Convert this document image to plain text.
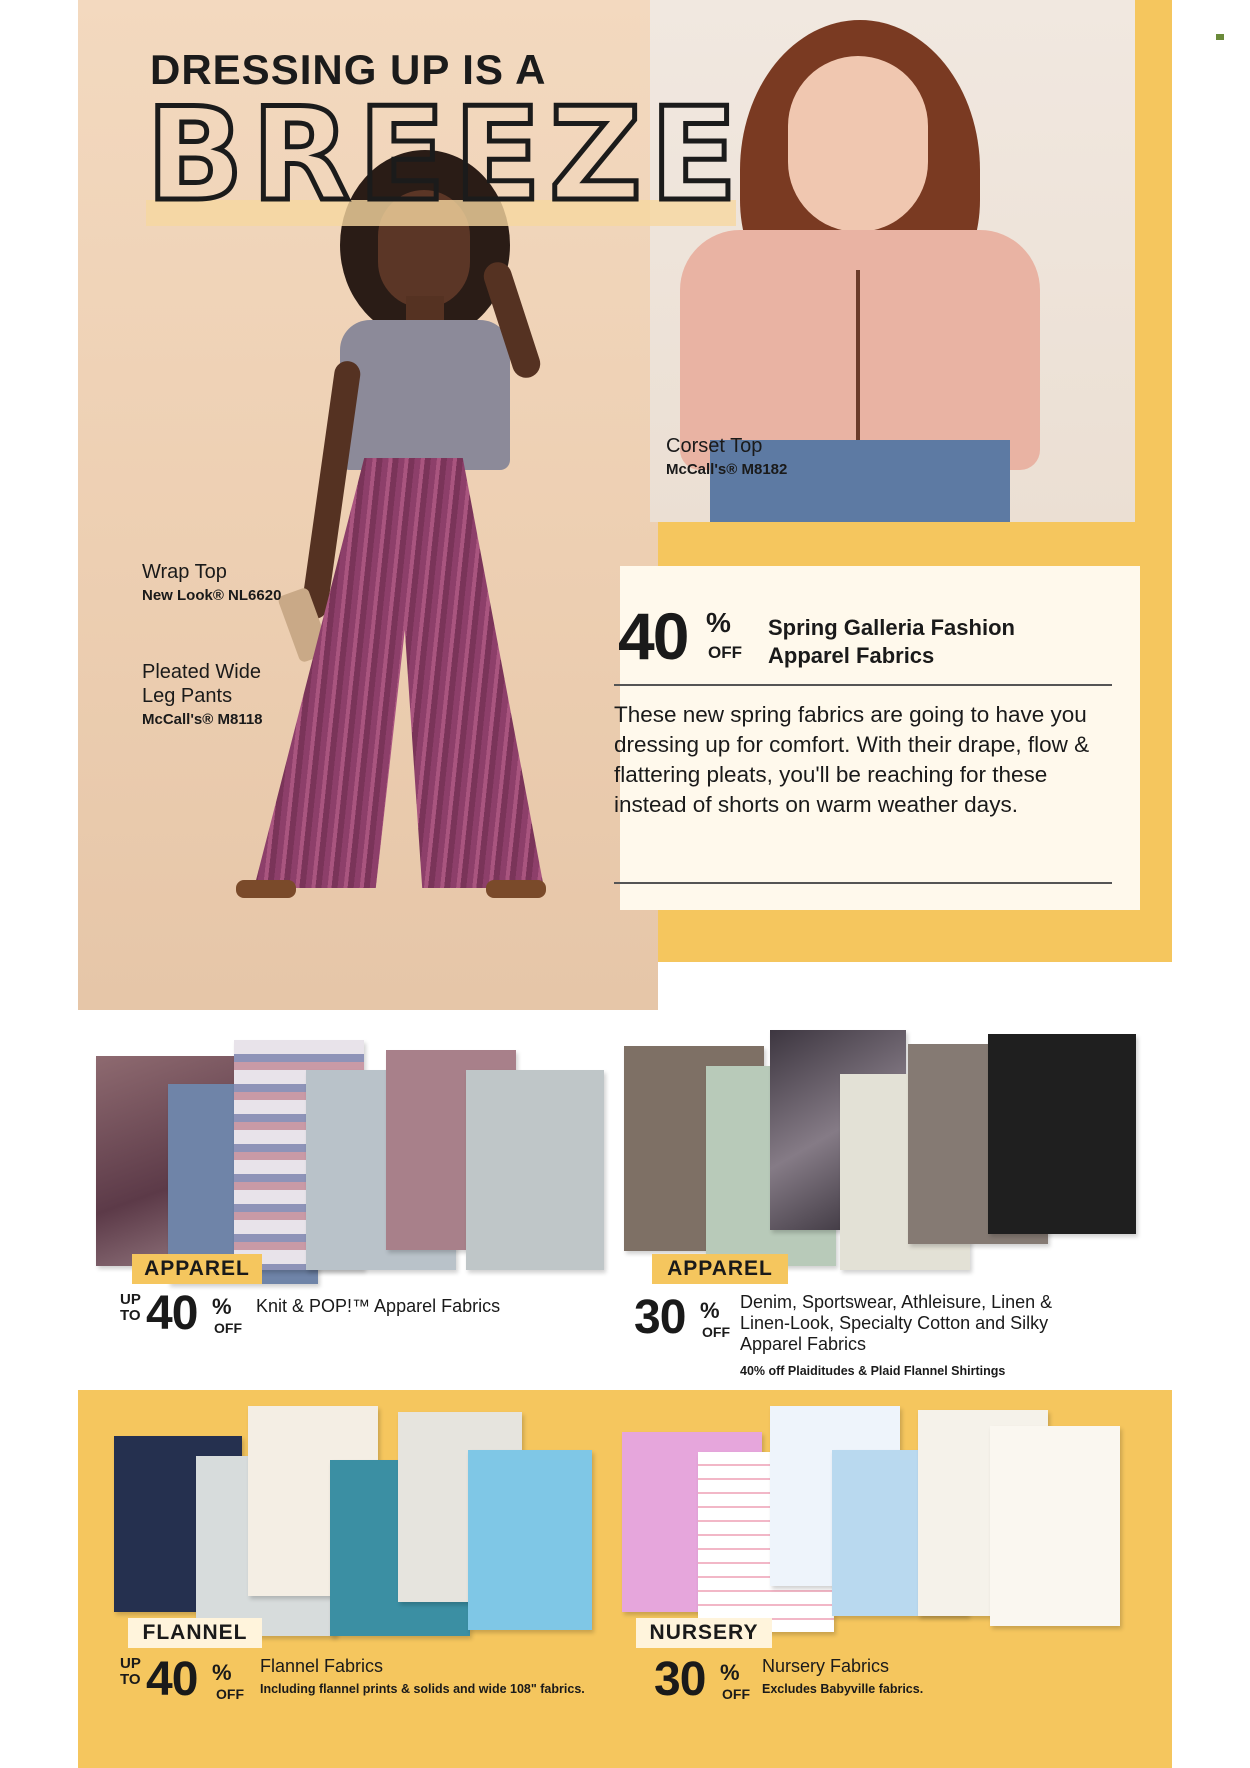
DRESSING UP IS A
BREEZE
Wrap Top
New Look® NL6620
Pleated Wide
Leg Pants
McCall's® M8118
Corset Top
McCall's® M8182
40 %
OFF
Spring Galleria Fashion
Apparel Fabrics
These new spring fabrics are going to have you dressing up for comfort. With their drape, flow & flattering pleats, you'll be reaching for these instead of shorts on warm weather days.
APPAREL
UP TO 40 %
OFF
Knit & POP!™ Apparel Fabrics
APPAREL
30 %
OFF
Denim, Sportswear, Athleisure, Linen &
Linen-Look, Specialty Cotton and Silky
Apparel Fabrics
40% off Plaiditudes & Plaid Flannel Shirtings
FLANNEL
UP TO 40 %
OFF
Flannel Fabrics
Including flannel prints & solids and wide 108" fabrics.
NURSERY
30 %
OFF
Nursery Fabrics
Excludes Babyville fabrics.
